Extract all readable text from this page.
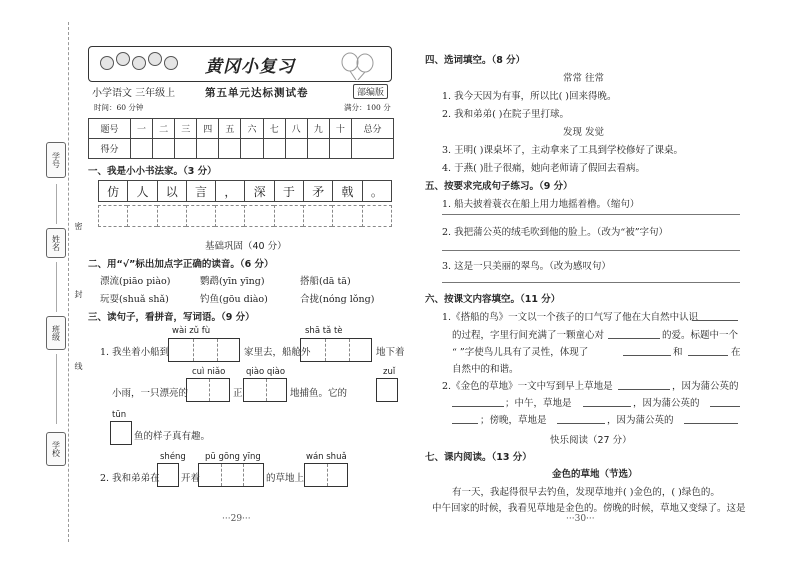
学号
姓名
班级
学校
密
封
线
黄冈小复习
小学语文 三年级上	第五单元达标测试卷	部编版
时间：60 分钟	满分：100 分
题号	一	二	三	四	五	六	七	八	九	十	总分
得分											
一、我是小小书法家。（3 分）
仿	人	以	言	，	深	于	矛	戟	。
基础巩固（40 分）
二、用“√”标出加点字正确的读音。（6 分）
漂流(piāo piào)	鹦鹉(yīn yīng)	搭船(dā tā)
玩耍(shuǎ shǎ)	钓鱼(gōu diào)	合拢(nóng lǒng)
三、读句子，看拼音，写词语。（9 分）
wài zǔ fù	shā tǎ tè
1. 我坐着小船到	家里去，船舱外	地下着
cuì niǎo qiào qiào	zuǐ
小雨，一只漂亮的	正	地捕鱼。它的
tūn
鱼的样子真有趣。
shéng pū gōng yīng	wán shuǎ
2. 我和弟弟在 开着	的草地上
···29···
四、选词填空。（8 分）
常常 往常
1. 我今天因为有事，所以比( )回来得晚。
2. 我和弟弟( )在院子里打球。
发现 发觉
3. 王明( )课桌坏了，主动拿来了工具到学校修好了课桌。
4. 于燕( )肚子很痛，她向老师请了假回去看病。
五、按要求完成句子练习。（9 分）
1. 船夫披着蓑衣在船上用力地摇着橹。（缩句）
2. 我把蒲公英的绒毛吹到他的脸上。（改为“被”字句）
3. 这是一只美丽的翠鸟。（改为感叹句）
六、按课文内容填空。（11 分）
1.《搭船的鸟》一文以一个孩子的口气写了他在大自然中认识
的过程，字里行间充满了一颗童心对	的爱。标题中一个
“ ”字使鸟儿具有了灵性，体现了	和	在
自然中的和谐。
2.《金色的草地》一文中写到早上草地是	，因为蒲公英的
；中午，草地是	，因为蒲公英的
；傍晚，草地是	，因为蒲公英的
快乐阅读（27 分）
七、课内阅读。（13 分）
金色的草地（节选）
有一天，我起得很早去钓鱼，发现草地并( )金色的，( )绿色的。
中午回家的时候，我看见草地是金色的。傍晚的时候，草地又变绿了。这是
···30···
